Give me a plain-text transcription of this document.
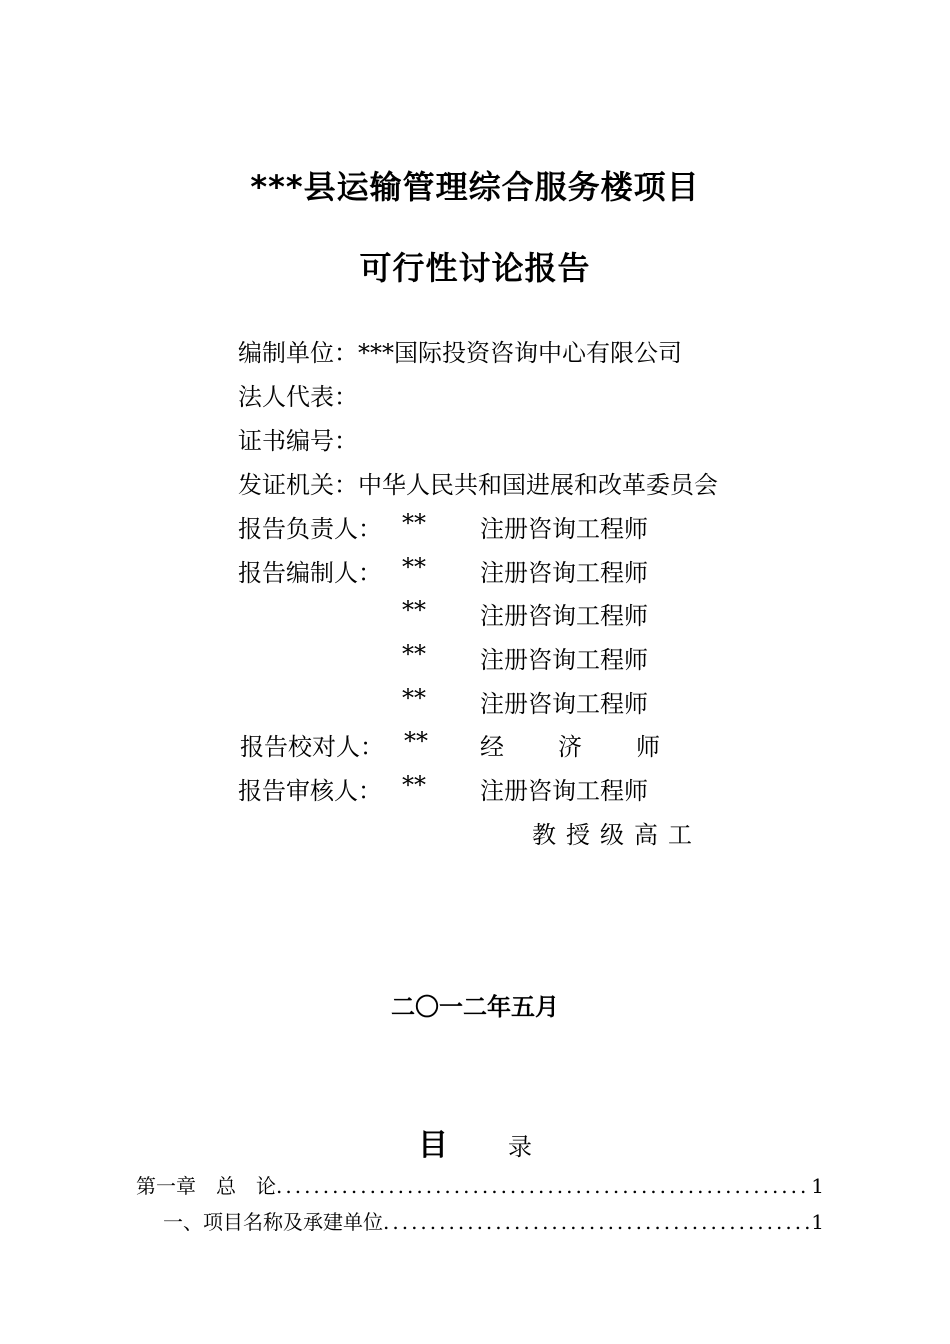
***县运输管理综合服务楼项目
可行性讨论报告
编制单位：***国际投资咨询中心有限公司
法人代表：
证书编号：
发证机关：中华人民共和国进展和改革委员会
报告负责人： ** 注册咨询工程师
报告编制人： ** 注册咨询工程师
** 注册咨询工程师
** 注册咨询工程师
** 注册咨询工程师
报告校对人： ** 经济师
报告审核人： ** 注册咨询工程师
教授级高工
二〇一二年五月
目	录
第一章　总　论 .....	1
一、项目名称及承建单位 .....	1
